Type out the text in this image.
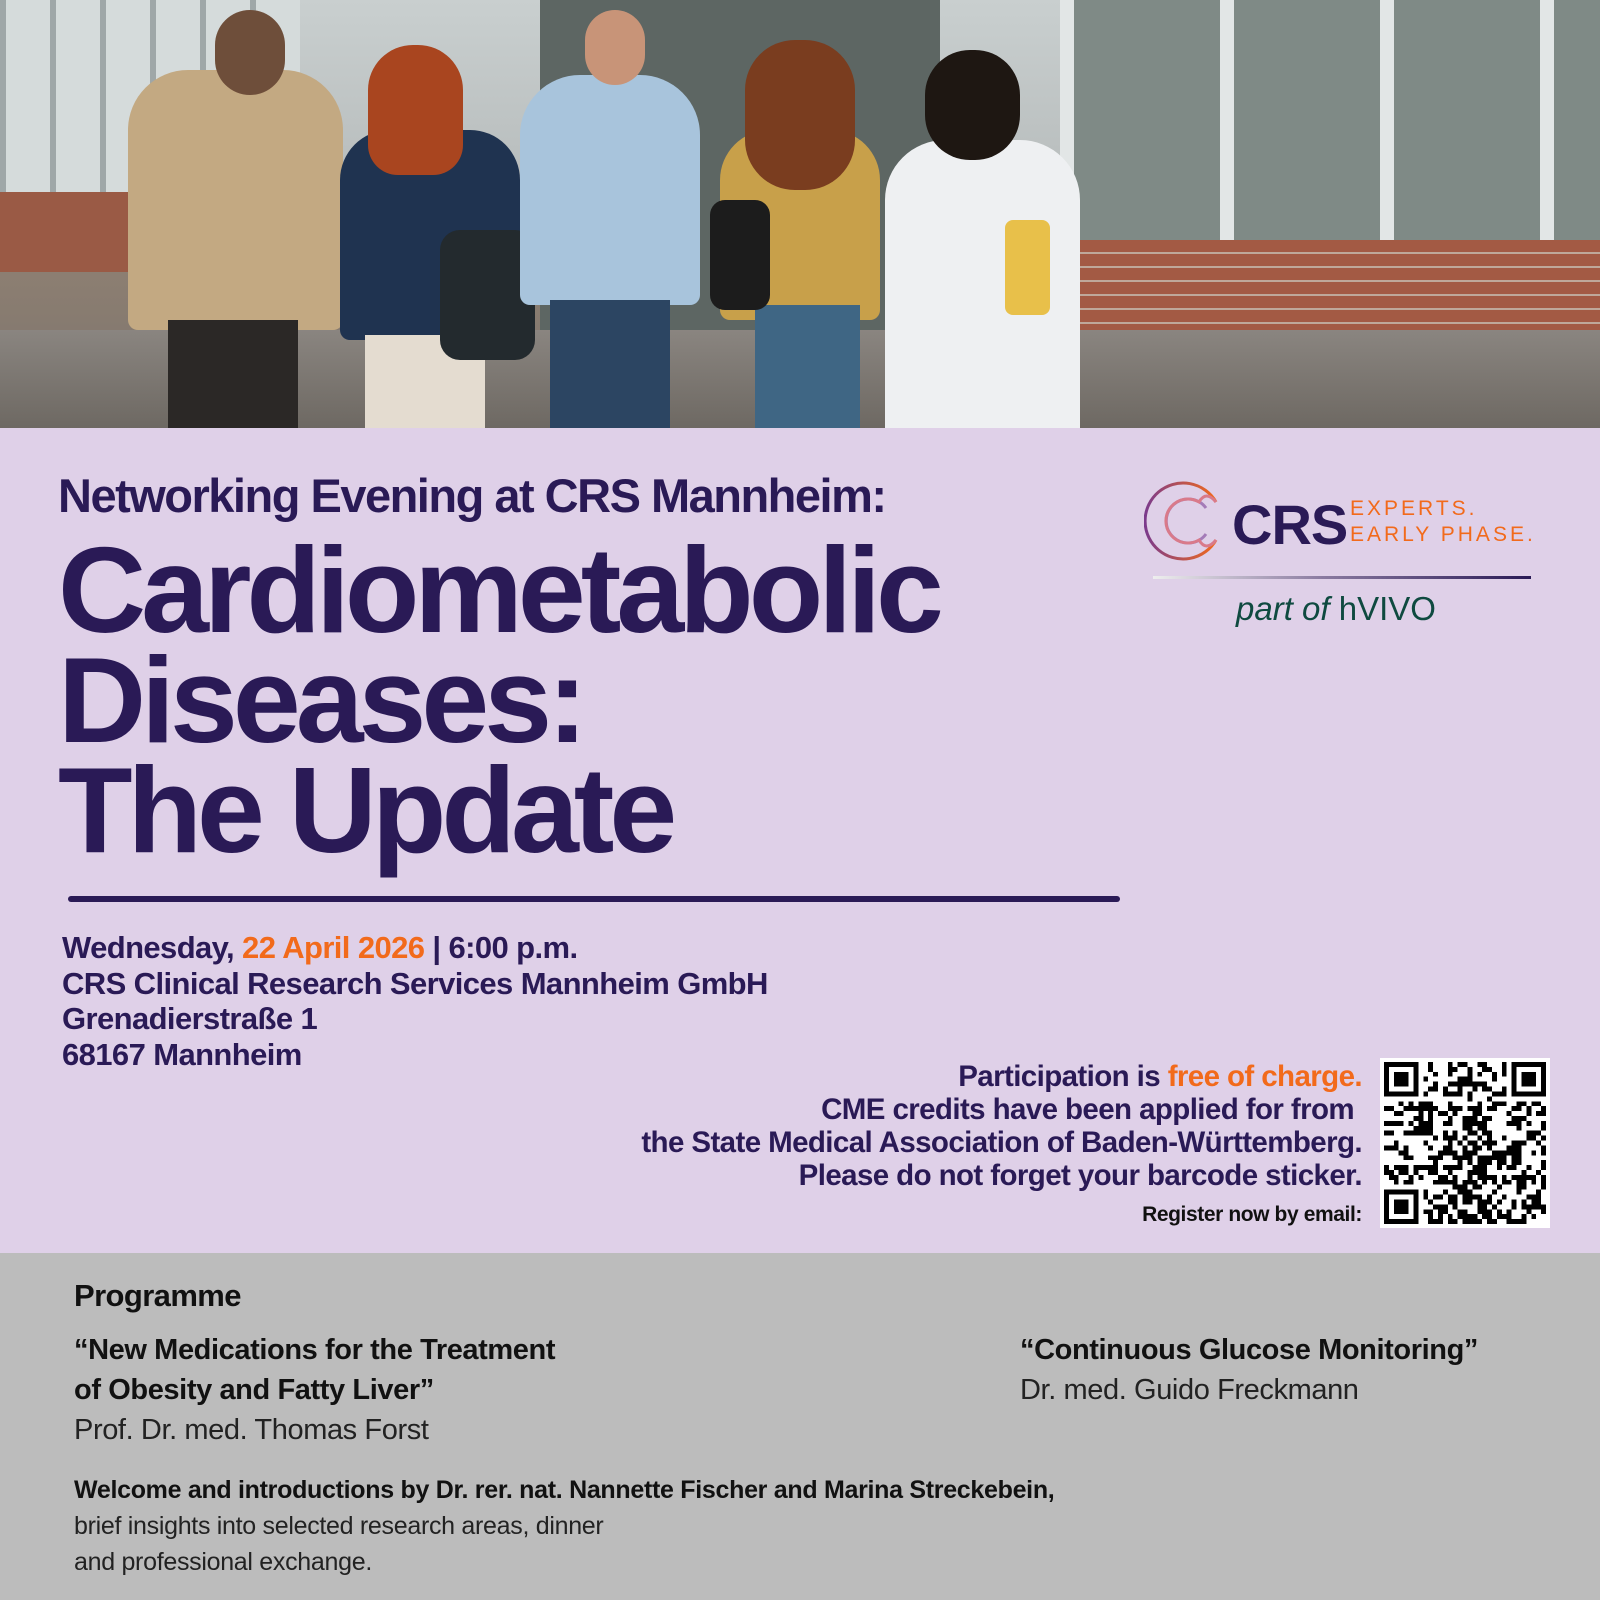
Networking Evening at CRS Mannheim:
Cardiometabolic
Diseases:
The Update
CRS EXPERTS.
EARLY PHASE.
part of hVIVO
Wednesday, 22 April 2026 | 6:00 p.m.
CRS Clinical Research Services Mannheim GmbH
Grenadierstraße 1
68167 Mannheim
Participation is free of charge.
CME credits have been applied for from
the State Medical Association of Baden-Württemberg.
Please do not forget your barcode sticker.
Register now by email:
Programme
“New Medications for the Treatment
of Obesity and Fatty Liver”
Prof. Dr. med. Thomas Forst
“Continuous Glucose Monitoring”
Dr. med. Guido Freckmann
Welcome and introductions by Dr. rer. nat. Nannette Fischer and Marina Streckebein,
brief insights into selected research areas, dinner
and professional exchange.
